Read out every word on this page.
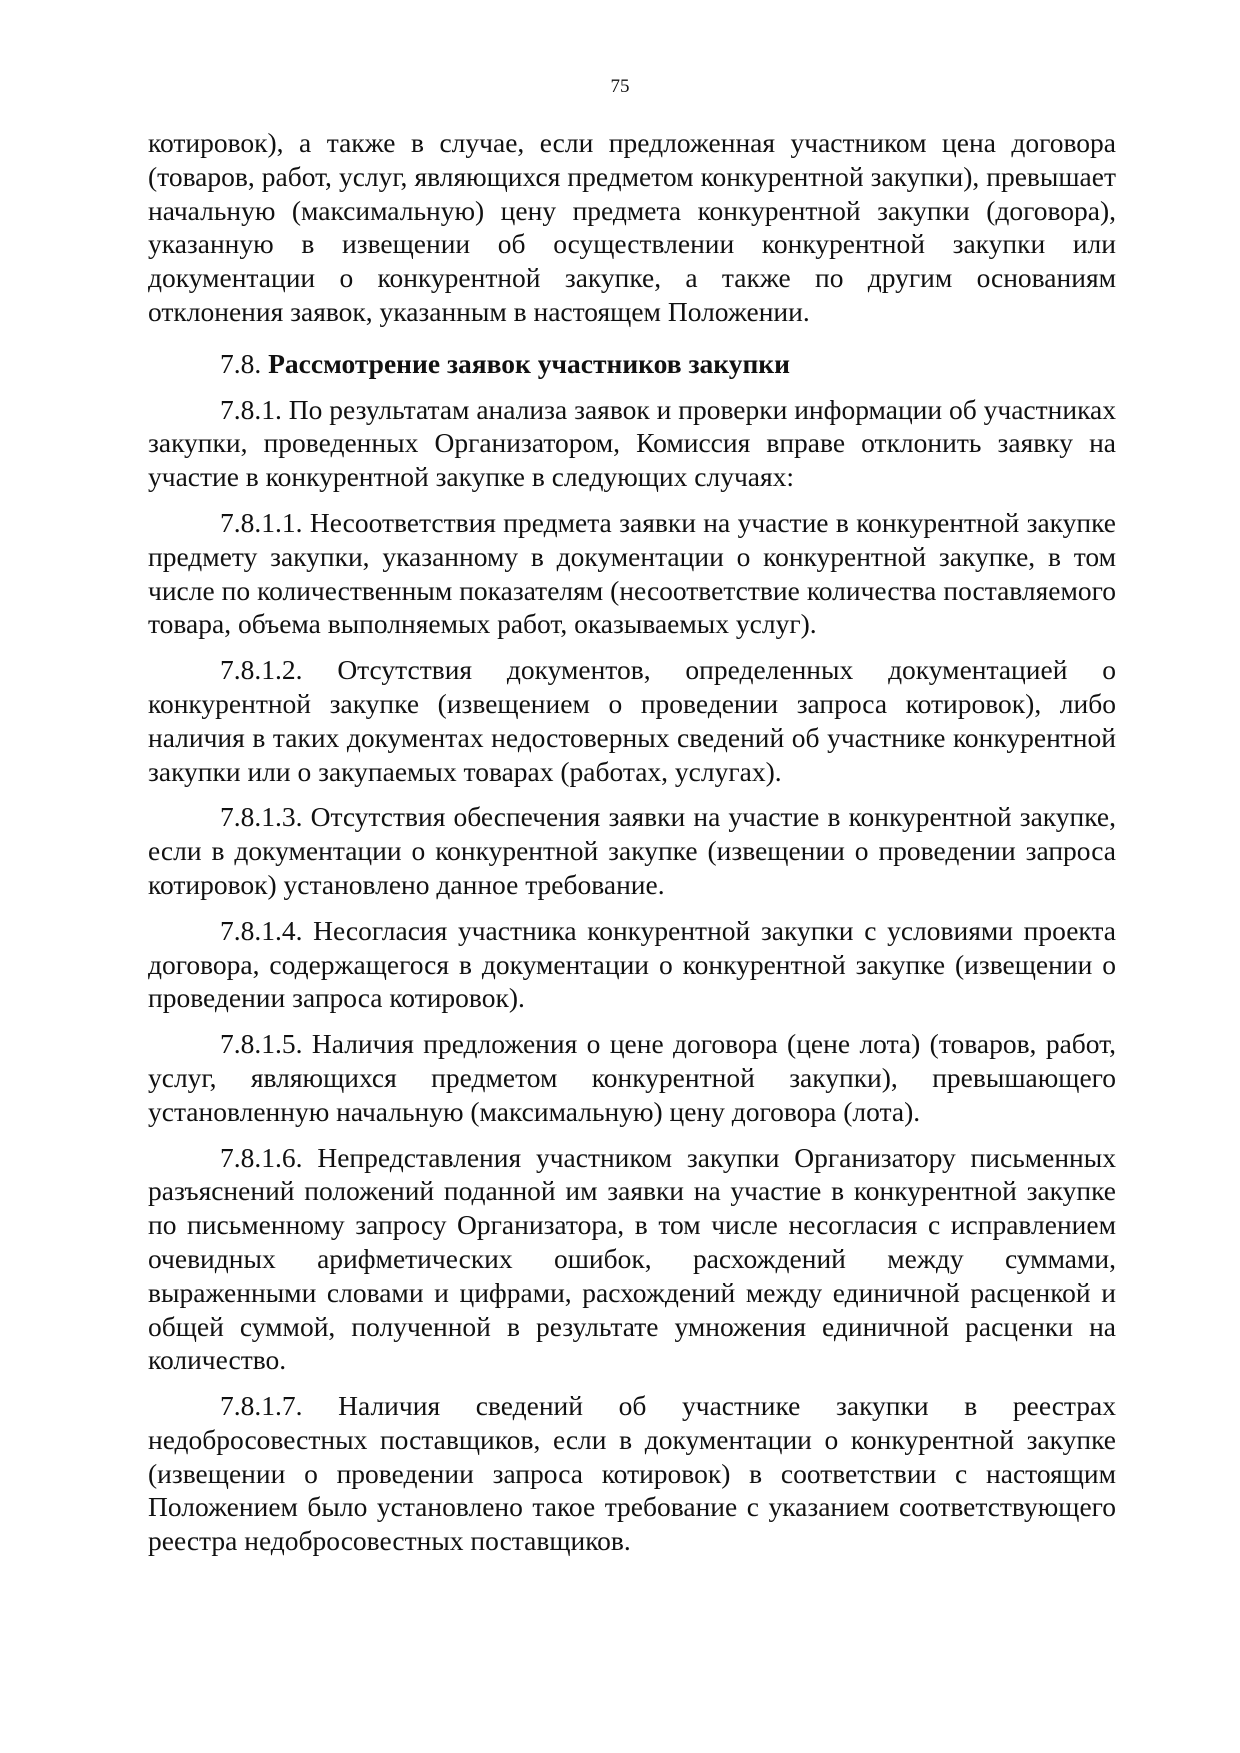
75

котировок), а также в случае, если предложенная участником цена договора (товаров, работ, услуг, являющихся предметом конкурентной закупки), превышает начальную (максимальную) цену предмета конкурентной закупки (договора), указанную в извещении об осуществлении конкурентной закупки или документации о конкурентной закупке, а также по другим основаниям отклонения заявок, указанным в настоящем Положении.

7.8. Рассмотрение заявок участников закупки

7.8.1. По результатам анализа заявок и проверки информации об участниках закупки, проведенных Организатором, Комиссия вправе отклонить заявку на участие в конкурентной закупке в следующих случаях:

7.8.1.1. Несоответствия предмета заявки на участие в конкурентной закупке предмету закупки, указанному в документации о конкурентной закупке, в том числе по количественным показателям (несоответствие количества поставляемого товара, объема выполняемых работ, оказываемых услуг).

7.8.1.2. Отсутствия документов, определенных документацией о конкурентной закупке (извещением о проведении запроса котировок), либо наличия в таких документах недостоверных сведений об участнике конкурентной закупки или о закупаемых товарах (работах, услугах).

7.8.1.3. Отсутствия обеспечения заявки на участие в конкурентной закупке, если в документации о конкурентной закупке (извещении о проведении запроса котировок) установлено данное требование.

7.8.1.4. Несогласия участника конкурентной закупки с условиями проекта договора, содержащегося в документации о конкурентной закупке (извещении о проведении запроса котировок).

7.8.1.5. Наличия предложения о цене договора (цене лота) (товаров, работ, услуг, являющихся предметом конкурентной закупки), превышающего установленную начальную (максимальную) цену договора (лота).

7.8.1.6. Непредставления участником закупки Организатору письменных разъяснений положений поданной им заявки на участие в конкурентной закупке по письменному запросу Организатора, в том числе несогласия с исправлением очевидных арифметических ошибок, расхождений между суммами, выраженными словами и цифрами, расхождений между единичной расценкой и общей суммой, полученной в результате умножения единичной расценки на количество.

7.8.1.7. Наличия сведений об участнике закупки в реестрах недобросовестных поставщиков, если в документации о конкурентной закупке (извещении о проведении запроса котировок) в соответствии с настоящим Положением было установлено такое требование с указанием соответствующего реестра недобросовестных поставщиков.
